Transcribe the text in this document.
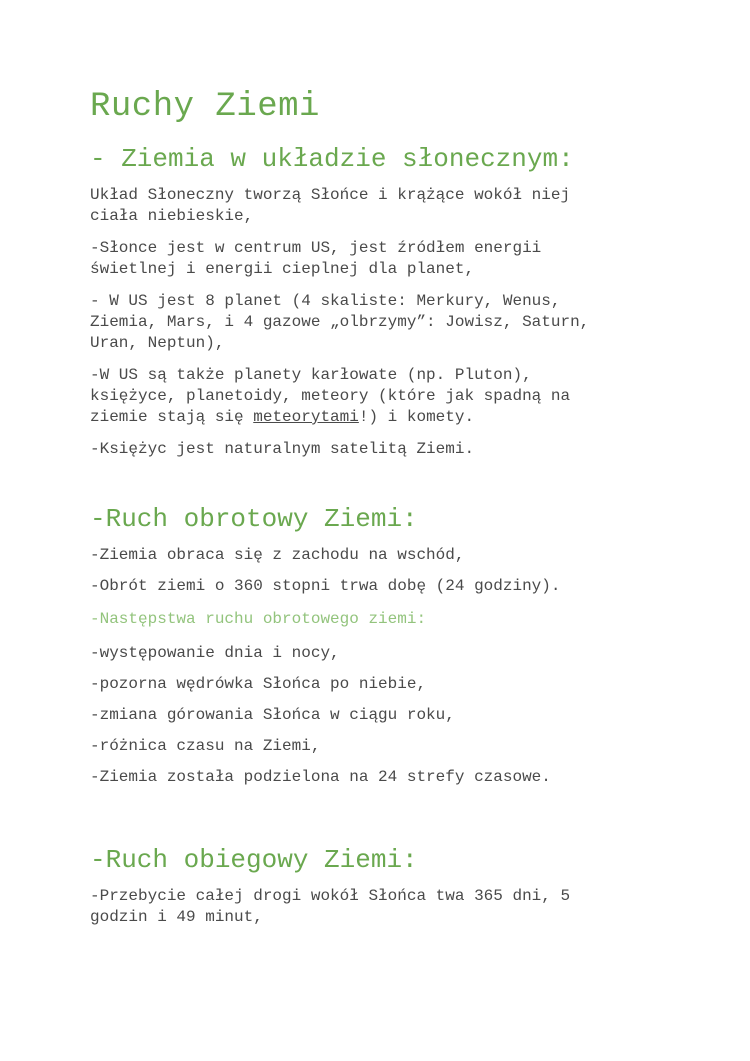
Ruchy Ziemi
- Ziemia w układzie słonecznym:
Układ Słoneczny tworzą Słońce i krążące wokół niej
ciała niebieskie,
-Słonce jest w centrum US, jest źródłem energii
świetlnej i energii cieplnej dla planet,
- W US jest 8 planet (4 skaliste: Merkury, Wenus,
Ziemia, Mars, i 4 gazowe „olbrzymy”: Jowisz, Saturn,
Uran, Neptun),
-W US są także planety karłowate (np. Pluton),
księżyce, planetoidy, meteory (które jak spadną na
ziemie stają się meteorytami!) i komety.
-Księżyc jest naturalnym satelitą Ziemi.
-Ruch obrotowy Ziemi:
-Ziemia obraca się z zachodu na wschód,
-Obrót ziemi o 360 stopni trwa dobę (24 godziny).
-Następstwa ruchu obrotowego ziemi:
-występowanie dnia i nocy,
-pozorna wędrówka Słońca po niebie,
-zmiana górowania Słońca w ciągu roku,
-różnica czasu na Ziemi,
-Ziemia została podzielona na 24 strefy czasowe.
-Ruch obiegowy Ziemi:
-Przebycie całej drogi wokół Słońca twa 365 dni, 5
godzin i 49 minut,
